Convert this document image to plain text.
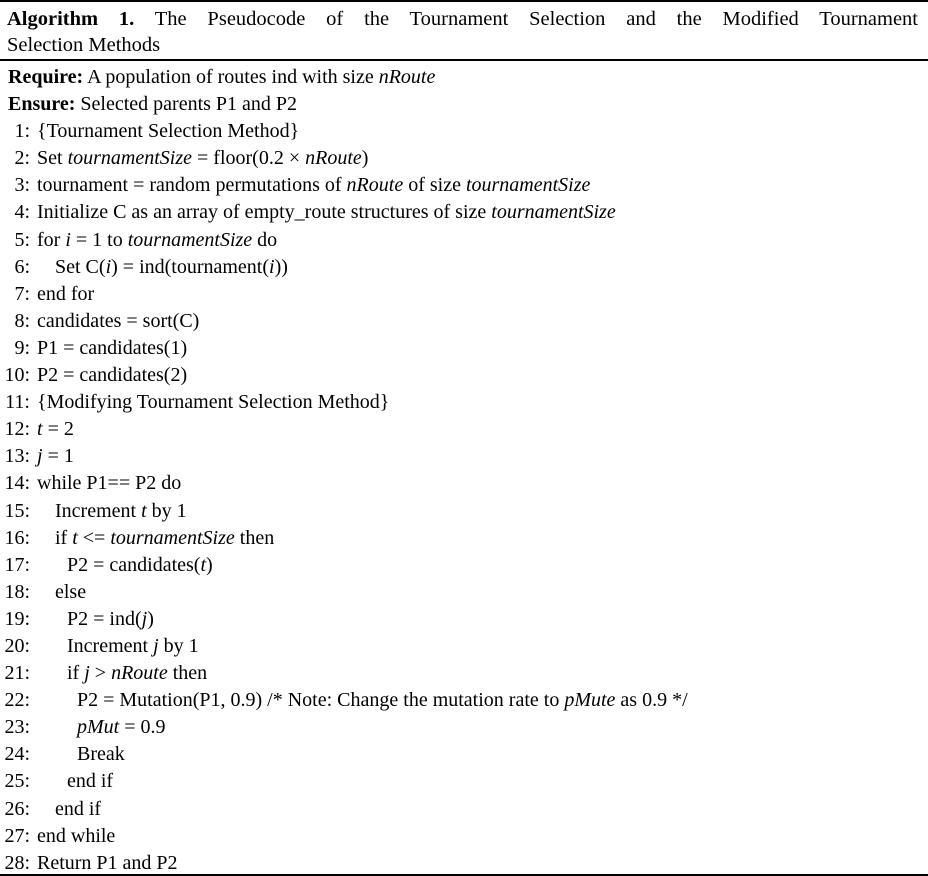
Algorithm 1. The Pseudocode of the Tournament Selection and the Modified Tournament
Selection Methods
Require: A population of routes ind with size nRoute
Ensure: Selected parents P1 and P2
1: {Tournament Selection Method}
2: Set tournamentSize = floor(0.2 × nRoute)
3: tournament = random permutations of nRoute of size tournamentSize
4: Initialize C as an array of empty_route structures of size tournamentSize
5: for i = 1 to tournamentSize do
6: Set C(i) = ind(tournament(i))
7: end for
8: candidates = sort(C)
9: P1 = candidates(1)
10: P2 = candidates(2)
11: {Modifying Tournament Selection Method}
12: t = 2
13: j = 1
14: while P1== P2 do
15: Increment t by 1
16: if t <= tournamentSize then
17: P2 = candidates(t)
18: else
19: P2 = ind(j)
20: Increment j by 1
21: if j > nRoute then
22: P2 = Mutation(P1, 0.9) /* Note: Change the mutation rate to pMute as 0.9 */
23: pMut = 0.9
24: Break
25: end if
26: end if
27: end while
28: Return P1 and P2
